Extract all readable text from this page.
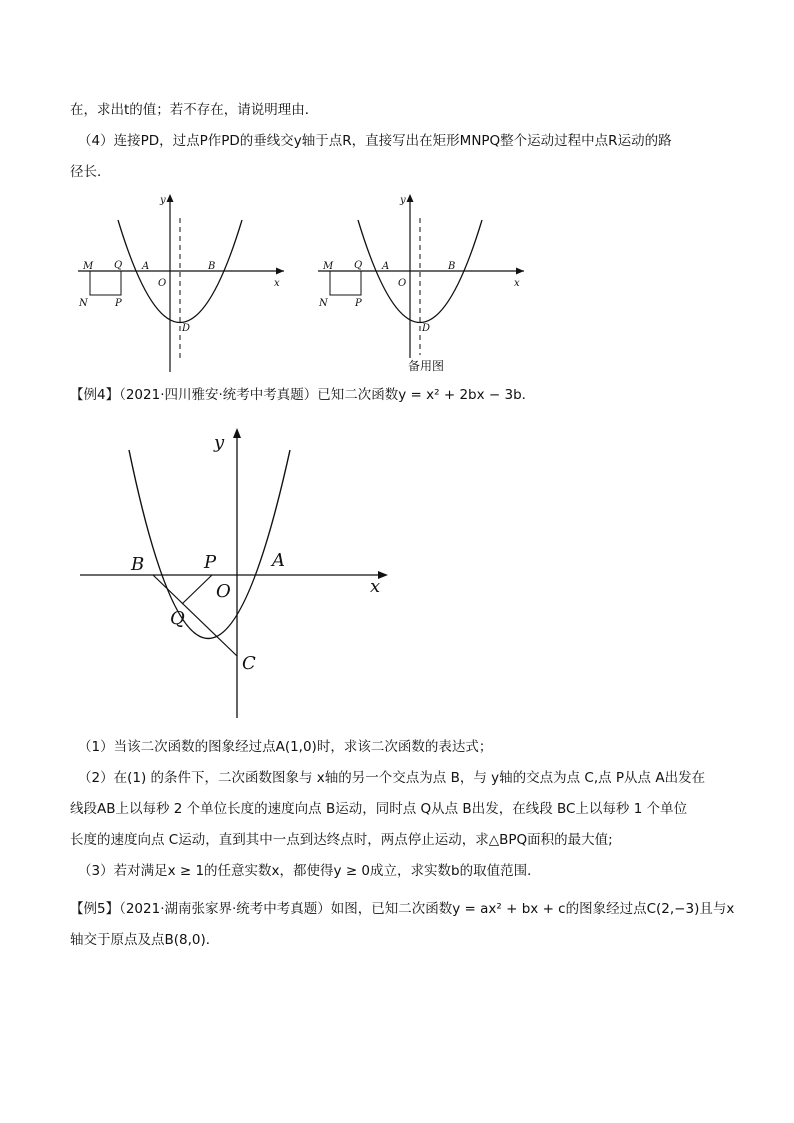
在，求出t的值；若不存在，请说明理由．
（4）连接PD，过点P作PD的垂线交y轴于点R，直接写出在矩形MNPQ整个运动过程中点R运动的路
径长．
y
x
M Q A
O
B
N	P
D
y
x
M Q A
O
B
N	P
D
备用图
【例4】（2021·四川雅安·统考中考真题）已知二次函数y = x² + 2bx − 3b．
y
x
B	P	A
O
Q
C
（1）当该二次函数的图象经过点A(1,0)时，求该二次函数的表达式；
（2）在(1) 的条件下，二次函数图象与 x轴的另一个交点为点 B，与 y轴的交点为点 C,点 P从点 A出发在
线段AB上以每秒 2 个单位长度的速度向点 B运动，同时点 Q从点 B出发，在线段 BC上以每秒 1 个单位
长度的速度向点 C运动，直到其中一点到达终点时，两点停止运动，求△BPQ面积的最大值;
（3）若对满足x ≥ 1的任意实数x，都使得y ≥ 0成立，求实数b的取值范围．
【例5】（2021·湖南张家界·统考中考真题）如图，已知二次函数y = ax² + bx + c的图象经过点C(2,−3)且与x
轴交于原点及点B(8,0)．
